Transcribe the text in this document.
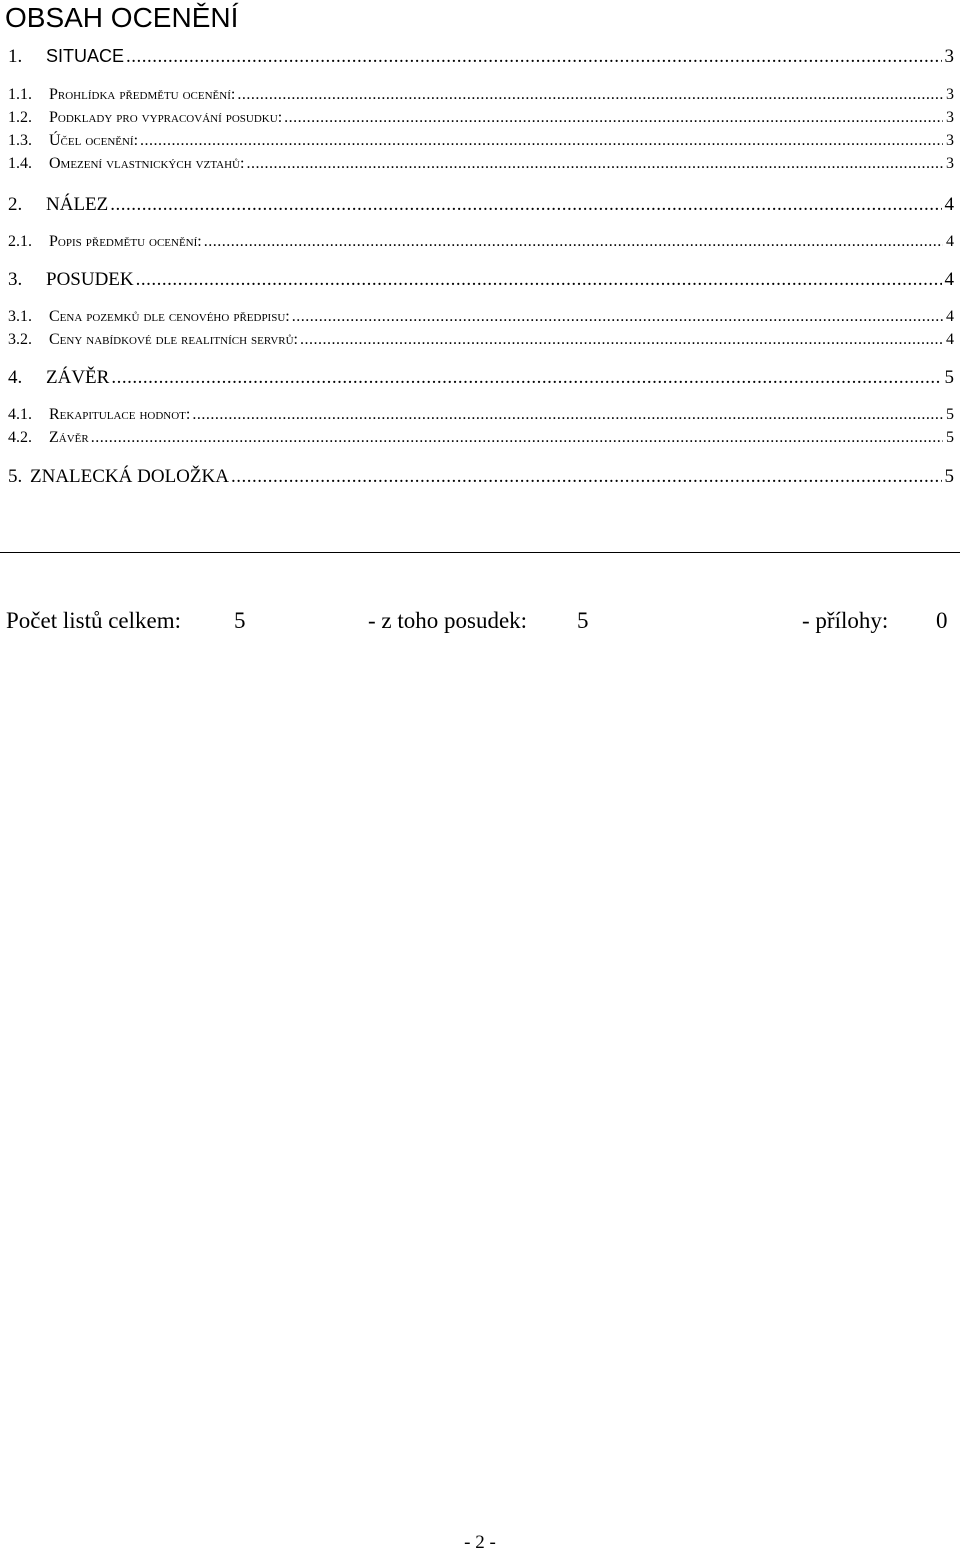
OBSAH OCENĚNÍ
1.	SITUACE .....	3
1.1.	Prohlídka předmětu ocenění: .....	3
1.2.	Podklady pro vypracování posudku: .....	3
1.3.	Účel ocenění: .....	3
1.4.	Omezení vlastnických vztahů: .....	3
2.	NÁLEZ .....	4
2.1.	Popis předmětu ocenění: .....	4
3.	POSUDEK .....	4
3.1.	Cena pozemků dle cenového předpisu: .....	4
3.2.	Ceny nabídkové dle realitních servrů: .....	4
4.	ZÁVĚR .....	5
4.1.	Rekapitulace hodnot: .....	5
4.2.	Závěr .....	5
5. ZNALECKÁ DOLOŽKA .....	5
Počet listů celkem: 5	- z toho posudek: 5	- přílohy: 0
- 2 -
